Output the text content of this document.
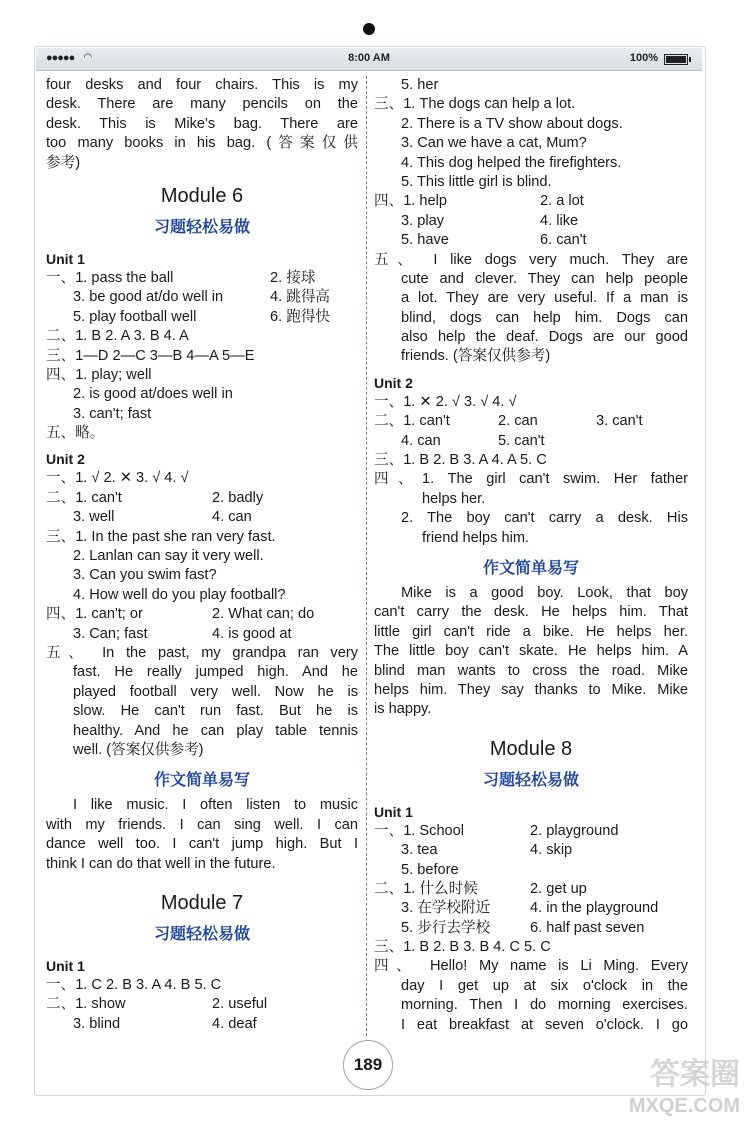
●●●●● ◠	8:00 AM	100%
four desks and four chairs. This is my
desk. There are many pencils on the
desk. This is Mike's bag. There are
too many books in his bag. (答案仅供
参考)
Module 6
习题轻松易做
Unit 1
一、1. pass the ball	2. 接球
3. be good at/do well in	4. 跳得高
5. play football well	6. 跑得快
二、1. B 2. A 3. B 4. A
三、1—D 2—C 3—B 4—A 5—E
四、1. play; well
2. is good at/does well in
3. can't; fast
五、略。
Unit 2
一、1. √ 2. ✕ 3. √ 4. √
二、1. can't	2. badly
3. well	4. can
三、1. In the past she ran very fast.
2. Lanlan can say it very well.
3. Can you swim fast?
4. How well do you play football?
四、1. can't; or	2. What can; do
3. Can; fast	4. is good at
五、 In the past, my grandpa ran very
fast. He really jumped high. And he
played football very well. Now he is
slow. He can't run fast. But he is
healthy. And he can play table tennis
well. (答案仅供参考)
作文简单易写
I like music. I often listen to music
with my friends. I can sing well. I can
dance well too. I can't jump high. But I
think I can do that well in the future.
Module 7
习题轻松易做
Unit 1
一、1. C 2. B 3. A 4. B 5. C
二、1. show	2. useful
3. blind	4. deaf
5. her
三、1. The dogs can help a lot.
2. There is a TV show about dogs.
3. Can we have a cat, Mum?
4. This dog helped the firefighters.
5. This little girl is blind.
四、1. help	2. a lot
3. play	4. like
5. have	6. can't
五、 I like dogs very much. They are
cute and clever. They can help people
a lot. They are very useful. If a man is
blind, dogs can help him. Dogs can
also help the deaf. Dogs are our good
friends. (答案仅供参考)
Unit 2
一、1. ✕ 2. √ 3. √ 4. √
二、1. can't	2. can	3. can't
4. can	5. can't
三、1. B 2. B 3. A 4. A 5. C
四、1. The girl can't swim. Her father
helps her.
2. The boy can't carry a desk. His
friend helps him.
作文简单易写
Mike is a good boy. Look, that boy
can't carry the desk. He helps him. That
little girl can't ride a bike. He helps her.
The little boy can't skate. He helps him. A
blind man wants to cross the road. Mike
helps him. They say thanks to Mike. Mike
is happy.
Module 8
习题轻松易做
Unit 1
一、1. School	2. playground
3. tea	4. skip
5. before
二、1. 什么时候	2. get up
3. 在学校附近	4. in the playground
5. 步行去学校	6. half past seven
三、1. B 2. B 3. B 4. C 5. C
四、 Hello! My name is Li Ming. Every
day I get up at six o'clock in the
morning. Then I do morning exercises.
I eat breakfast at seven o'clock. I go
189	答案圈
MXQE.COM
